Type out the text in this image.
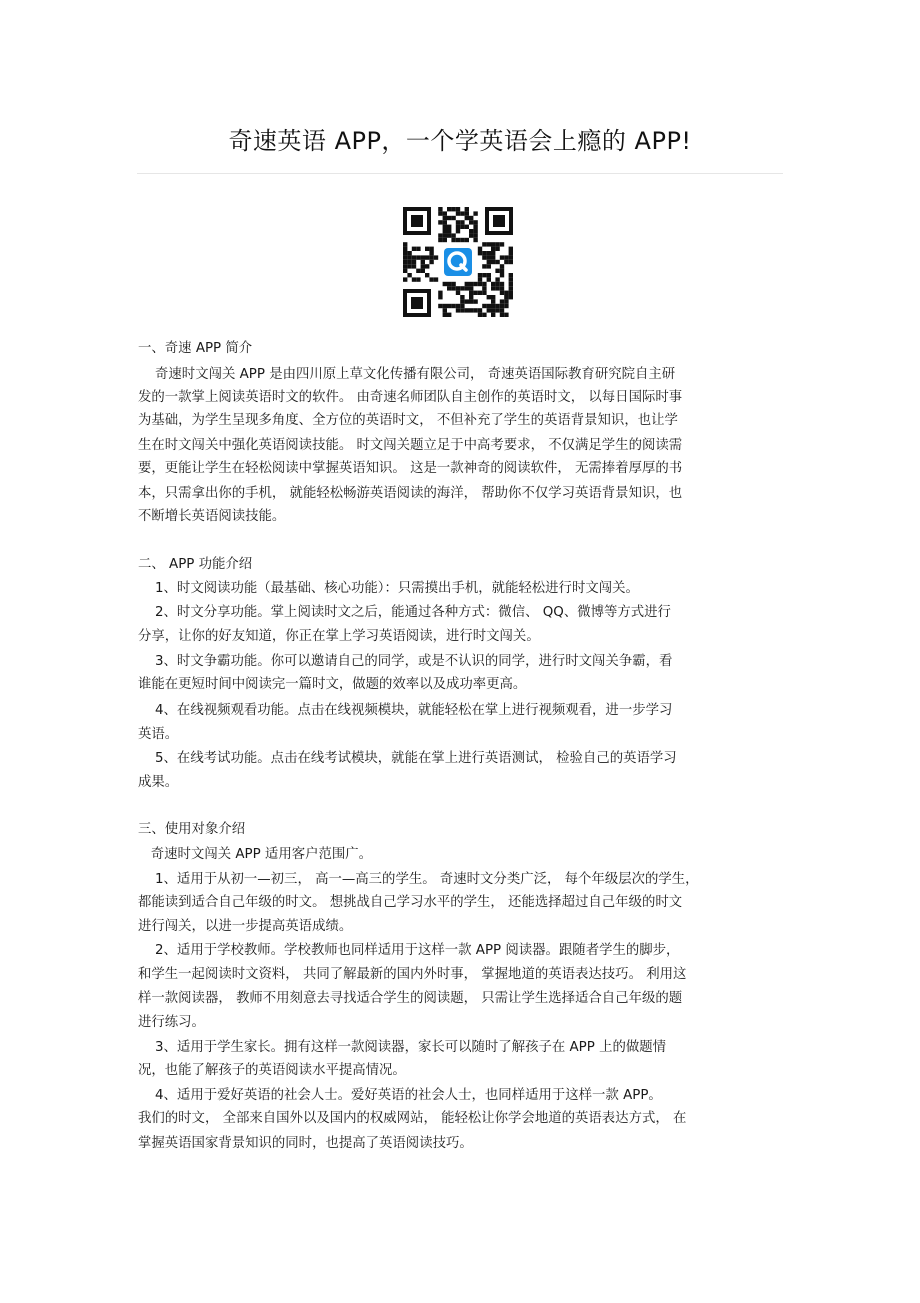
奇速英语 APP，一个学英语会上瘾的 APP!
一、奇速 APP 简介
奇速时文闯关 APP 是由四川原上草文化传播有限公司， 奇速英语国际教育研究院自主研
发的一款掌上阅读英语时文的软件。 由奇速名师团队自主创作的英语时文， 以每日国际时事
为基础，为学生呈现多角度、全方位的英语时文， 不但补充了学生的英语背景知识，也让学
生在时文闯关中强化英语阅读技能。 时文闯关题立足于中高考要求， 不仅满足学生的阅读需
要，更能让学生在轻松阅读中掌握英语知识。 这是一款神奇的阅读软件， 无需捧着厚厚的书
本，只需拿出你的手机， 就能轻松畅游英语阅读的海洋， 帮助你不仅学习英语背景知识，也
不断增长英语阅读技能。
二、 APP 功能介绍
1、时文阅读功能（最基础、核心功能）：只需摸出手机，就能轻松进行时文闯关。
2、时文分享功能。掌上阅读时文之后，能通过各种方式：微信、 QQ、微博等方式进行
分享，让你的好友知道，你正在掌上学习英语阅读，进行时文闯关。
3、时文争霸功能。你可以邀请自己的同学，或是不认识的同学，进行时文闯关争霸，看
谁能在更短时间中阅读完一篇时文，做题的效率以及成功率更高。
4、在线视频观看功能。点击在线视频模块，就能轻松在掌上进行视频观看，进一步学习
英语。
5、在线考试功能。点击在线考试模块，就能在掌上进行英语测试， 检验自己的英语学习
成果。
三、使用对象介绍
奇速时文闯关 APP 适用客户范围广。
1、适用于从初一—初三， 高一—高三的学生。 奇速时文分类广泛， 每个年级层次的学生，
都能读到适合自己年级的时文。 想挑战自己学习水平的学生， 还能选择超过自己年级的时文
进行闯关，以进一步提高英语成绩。
2、适用于学校教师。学校教师也同样适用于这样一款 APP 阅读器。跟随者学生的脚步，
和学生一起阅读时文资料， 共同了解最新的国内外时事， 掌握地道的英语表达技巧。 利用这
样一款阅读器， 教师不用刻意去寻找适合学生的阅读题， 只需让学生选择适合自己年级的题
进行练习。
3、适用于学生家长。拥有这样一款阅读器，家长可以随时了解孩子在 APP 上的做题情
况，也能了解孩子的英语阅读水平提高情况。
4、适用于爱好英语的社会人士。爱好英语的社会人士，也同样适用于这样一款 APP。
我们的时文， 全部来自国外以及国内的权威网站， 能轻松让你学会地道的英语表达方式， 在
掌握英语国家背景知识的同时，也提高了英语阅读技巧。
